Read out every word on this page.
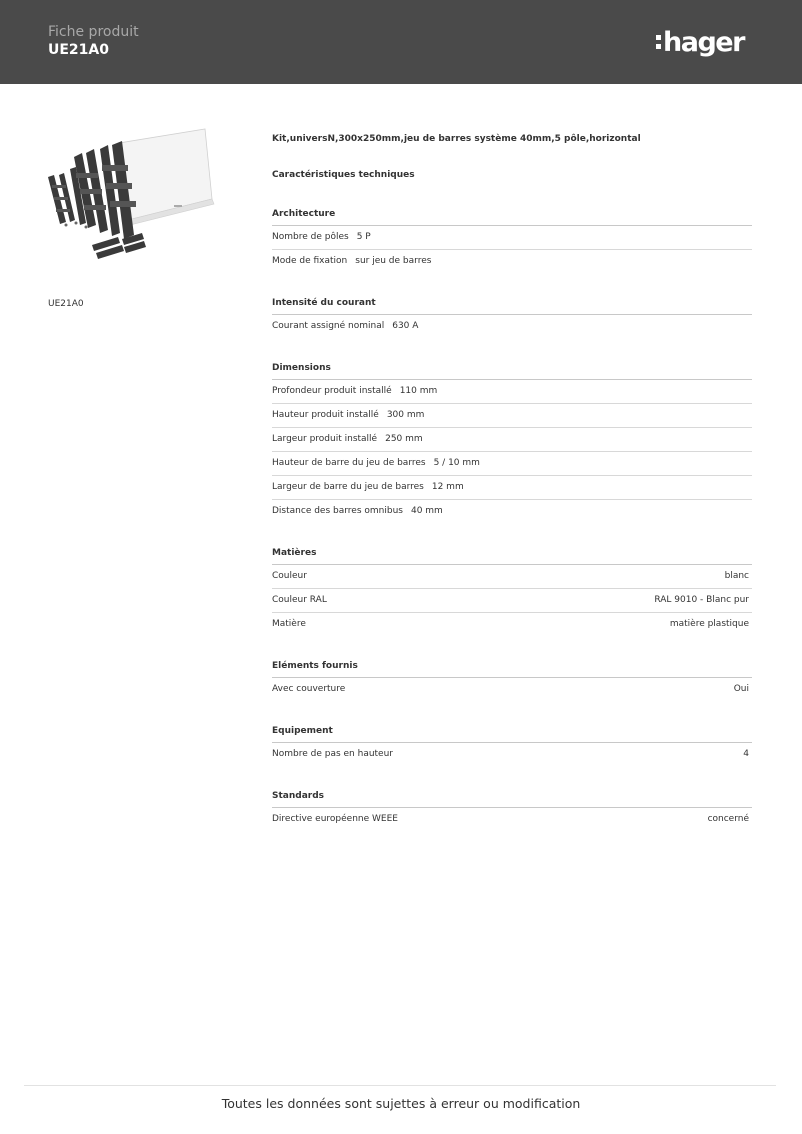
Fiche produit
UE21A0	hager
UE21A0
Kit,universN,300x250mm,jeu de barres système 40mm,5 pôle,horizontal
Caractéristiques techniques
Architecture
Nombre de pôles 5 P
Mode de fixation sur jeu de barres
Intensité du courant
Courant assigné nominal 630 A
Dimensions
Profondeur produit installé 110 mm
Hauteur produit installé 300 mm
Largeur produit installé 250 mm
Hauteur de barre du jeu de barres 5 / 10 mm
Largeur de barre du jeu de barres 12 mm
Distance des barres omnibus 40 mm
Matières
Couleur	blanc
Couleur RAL	RAL 9010 - Blanc pur
Matière	matière plastique
Eléments fournis
Avec couverture	Oui
Equipement
Nombre de pas en hauteur	4
Standards
Directive européenne WEEE	concerné
Toutes les données sont sujettes à erreur ou modification
